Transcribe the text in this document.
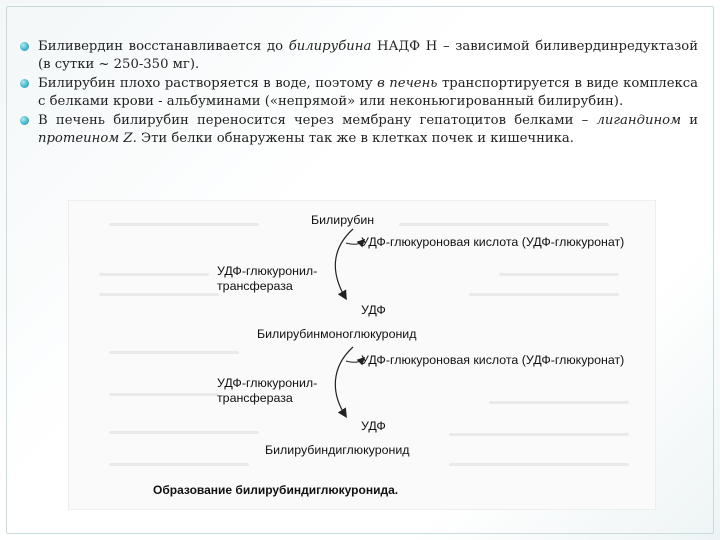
Биливердин восстанавливается до билирубина НАДФ Н – зависимой биливердинредуктазой (в сутки ~ 250-350 мг).
Билирубин плохо растворяется в воде, поэтому в печень транспортируется в виде комплекса с белками крови - альбуминами («непрямой» или неконьюгированный билирубин).
В печень билирубин переносится через мембрану гепатоцитов белками – лигандином и протеином Z. Эти белки обнаружены так же в клетках почек и кишечника.
Билирубин
УДФ-глюкуроновая кислота (УДФ-глюкуронат)
УДФ-глюкуронил-трансфераза
УДФ
Билирубинмоноглюкуронид
УДФ-глюкуроновая кислота (УДФ-глюкуронат)
УДФ-глюкуронил-трансфераза
УДФ
Билирубиндиглюкуронид
Образование билирубиндиглюкуронида.
